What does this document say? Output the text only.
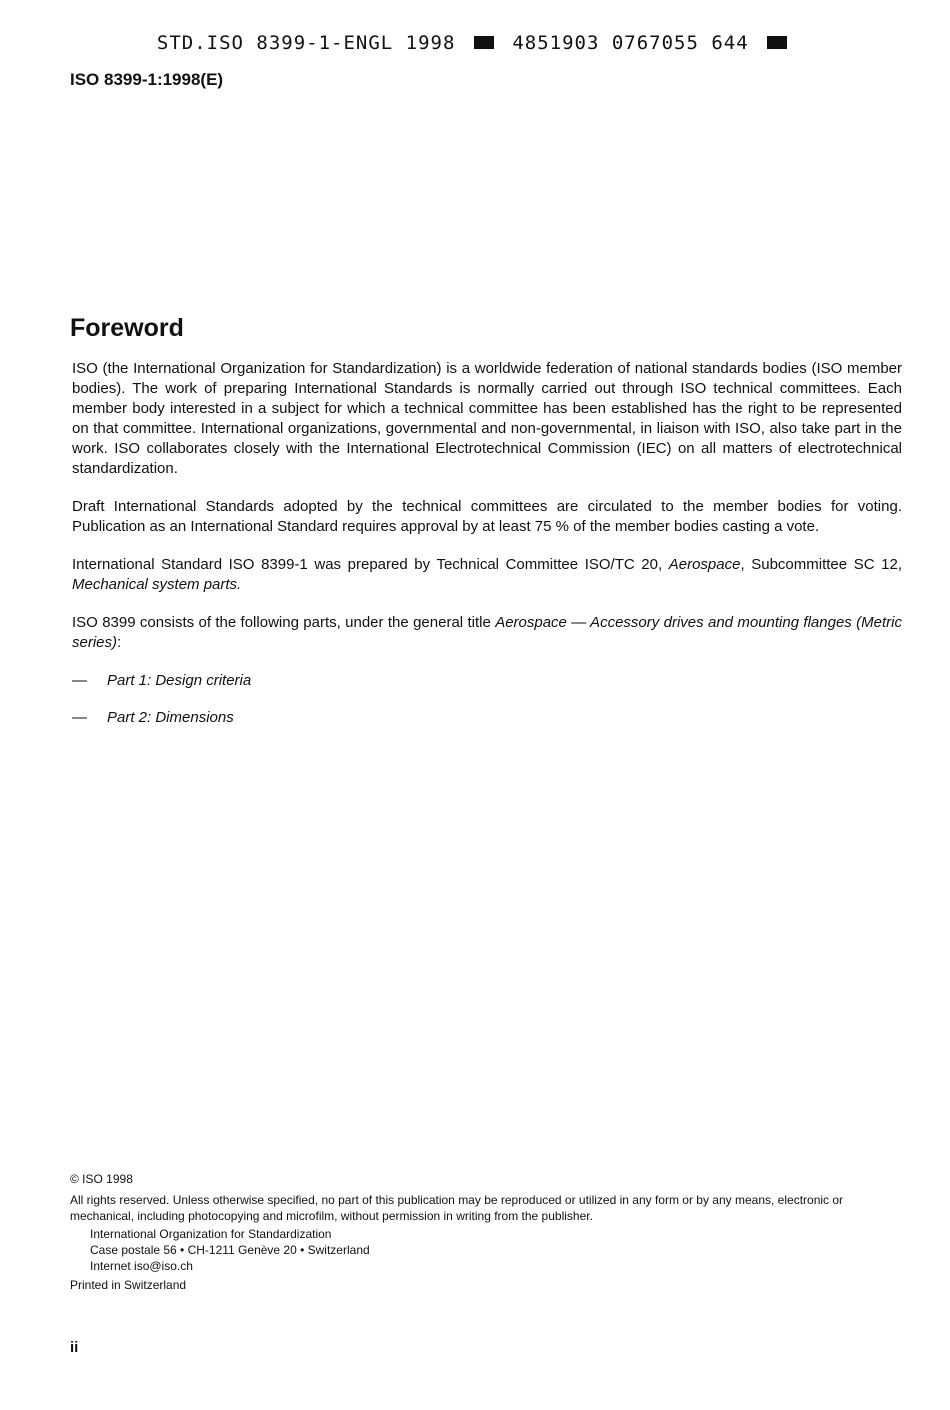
STD.ISO 8399-1-ENGL 1998	4851903 0767055 644
ISO 8399-1:1998(E)
Foreword

ISO (the International Organization for Standardization) is a worldwide federation of national standards bodies (ISO member bodies). The work of preparing International Standards is normally carried out through ISO technical committees. Each member body interested in a subject for which a technical committee has been established has the right to be represented on that committee. International organizations, governmental and non-governmental, in liaison with ISO, also take part in the work. ISO collaborates closely with the International Electrotechnical Commission (IEC) on all matters of electrotechnical standardization.

Draft International Standards adopted by the technical committees are circulated to the member bodies for voting. Publication as an International Standard requires approval by at least 75 % of the member bodies casting a vote.

International Standard ISO 8399-1 was prepared by Technical Committee ISO/TC 20, Aerospace, Subcommittee SC 12, Mechanical system parts.

ISO 8399 consists of the following parts, under the general title Aerospace — Accessory drives and mounting flanges (Metric series):

—	Part 1: Design criteria
—	Part 2: Dimensions

© ISO 1998

All rights reserved. Unless otherwise specified, no part of this publication may be reproduced or utilized in any form or by any means, electronic or mechanical, including photocopying and microfilm, without permission in writing from the publisher.

International Organization for Standardization

Case postale 56 • CH-1211 Genève 20 • Switzerland

Internet iso@iso.ch

Printed in Switzerland

ii
